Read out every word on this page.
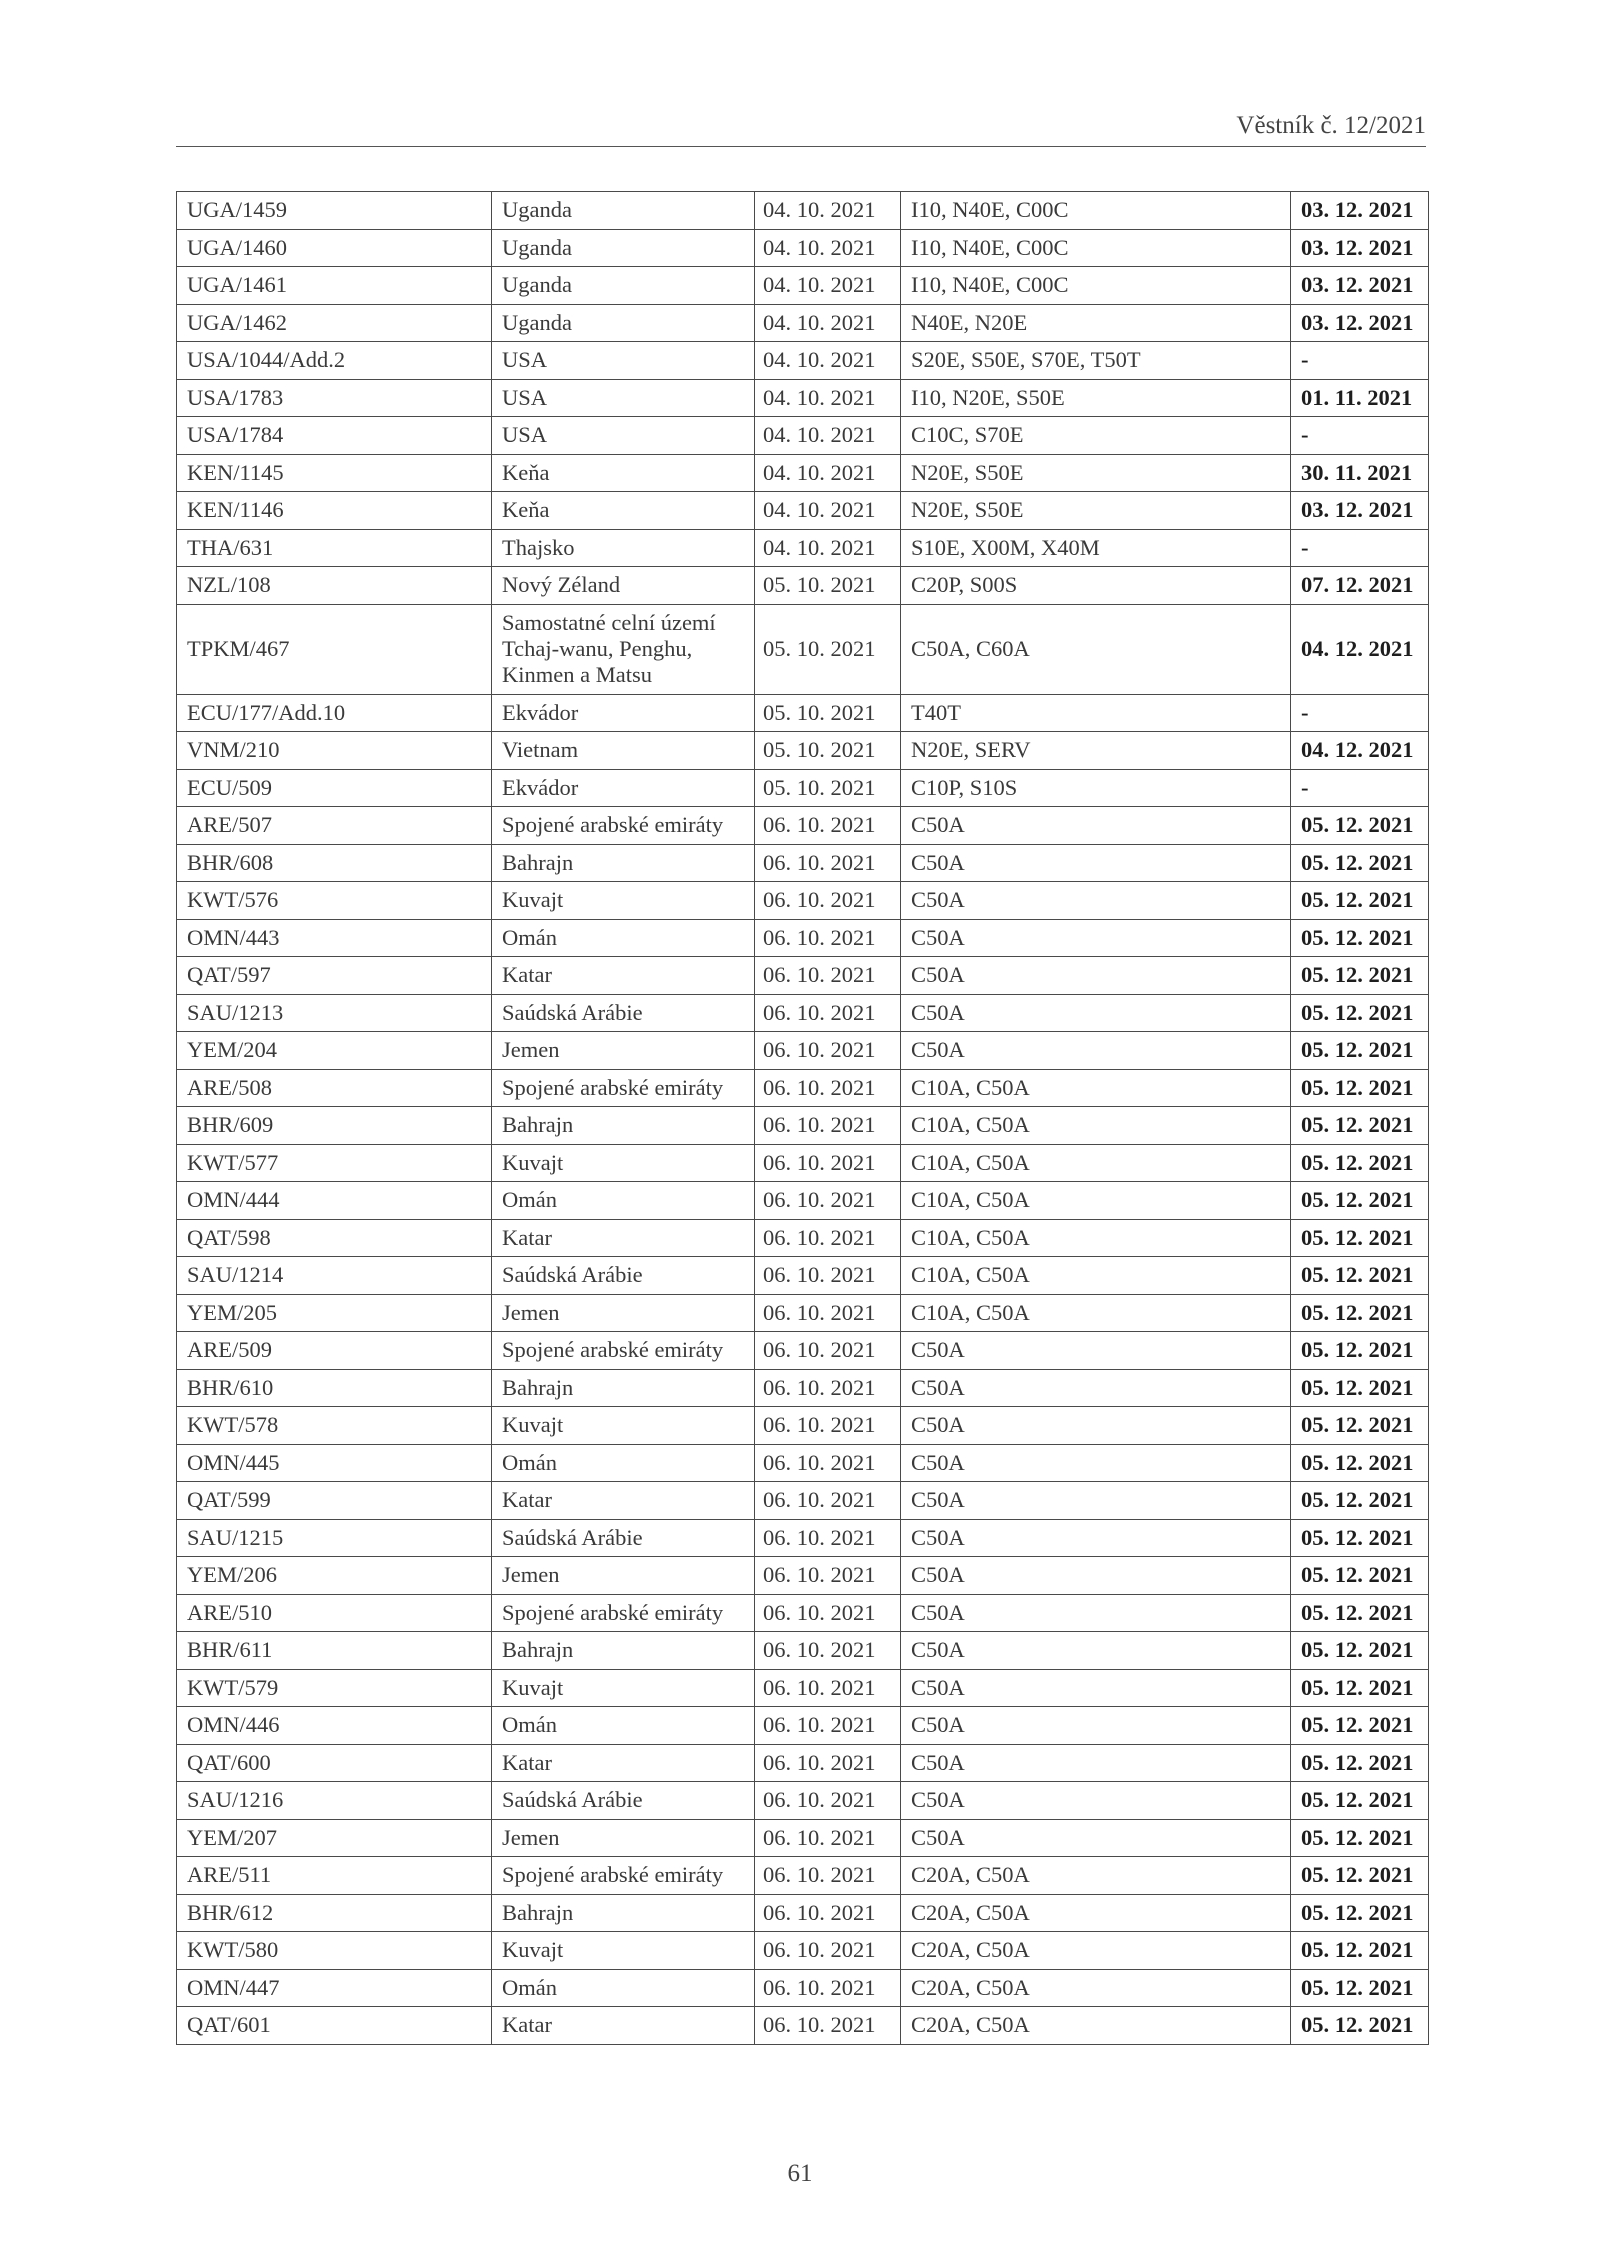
Věstník č. 12/2021
UGA/1459	Uganda	04. 10. 2021	I10, N40E, C00C	03. 12. 2021
UGA/1460	Uganda	04. 10. 2021	I10, N40E, C00C	03. 12. 2021
UGA/1461	Uganda	04. 10. 2021	I10, N40E, C00C	03. 12. 2021
UGA/1462	Uganda	04. 10. 2021	N40E, N20E	03. 12. 2021
USA/1044/Add.2	USA	04. 10. 2021	S20E, S50E, S70E, T50T	-
USA/1783	USA	04. 10. 2021	I10, N20E, S50E	01. 11. 2021
USA/1784	USA	04. 10. 2021	C10C, S70E	-
KEN/1145	Keňa	04. 10. 2021	N20E, S50E	30. 11. 2021
KEN/1146	Keňa	04. 10. 2021	N20E, S50E	03. 12. 2021
THA/631	Thajsko	04. 10. 2021	S10E, X00M, X40M	-
NZL/108	Nový Zéland	05. 10. 2021	C20P, S00S	07. 12. 2021
TPKM/467	Samostatné celní území Tchaj-wanu, Penghu, Kinmen a Matsu	05. 10. 2021	C50A, C60A	04. 12. 2021
ECU/177/Add.10	Ekvádor	05. 10. 2021	T40T	-
VNM/210	Vietnam	05. 10. 2021	N20E, SERV	04. 12. 2021
ECU/509	Ekvádor	05. 10. 2021	C10P, S10S	-
ARE/507	Spojené arabské emiráty	06. 10. 2021	C50A	05. 12. 2021
BHR/608	Bahrajn	06. 10. 2021	C50A	05. 12. 2021
KWT/576	Kuvajt	06. 10. 2021	C50A	05. 12. 2021
OMN/443	Omán	06. 10. 2021	C50A	05. 12. 2021
QAT/597	Katar	06. 10. 2021	C50A	05. 12. 2021
SAU/1213	Saúdská Arábie	06. 10. 2021	C50A	05. 12. 2021
YEM/204	Jemen	06. 10. 2021	C50A	05. 12. 2021
ARE/508	Spojené arabské emiráty	06. 10. 2021	C10A, C50A	05. 12. 2021
BHR/609	Bahrajn	06. 10. 2021	C10A, C50A	05. 12. 2021
KWT/577	Kuvajt	06. 10. 2021	C10A, C50A	05. 12. 2021
OMN/444	Omán	06. 10. 2021	C10A, C50A	05. 12. 2021
QAT/598	Katar	06. 10. 2021	C10A, C50A	05. 12. 2021
SAU/1214	Saúdská Arábie	06. 10. 2021	C10A, C50A	05. 12. 2021
YEM/205	Jemen	06. 10. 2021	C10A, C50A	05. 12. 2021
ARE/509	Spojené arabské emiráty	06. 10. 2021	C50A	05. 12. 2021
BHR/610	Bahrajn	06. 10. 2021	C50A	05. 12. 2021
KWT/578	Kuvajt	06. 10. 2021	C50A	05. 12. 2021
OMN/445	Omán	06. 10. 2021	C50A	05. 12. 2021
QAT/599	Katar	06. 10. 2021	C50A	05. 12. 2021
SAU/1215	Saúdská Arábie	06. 10. 2021	C50A	05. 12. 2021
YEM/206	Jemen	06. 10. 2021	C50A	05. 12. 2021
ARE/510	Spojené arabské emiráty	06. 10. 2021	C50A	05. 12. 2021
BHR/611	Bahrajn	06. 10. 2021	C50A	05. 12. 2021
KWT/579	Kuvajt	06. 10. 2021	C50A	05. 12. 2021
OMN/446	Omán	06. 10. 2021	C50A	05. 12. 2021
QAT/600	Katar	06. 10. 2021	C50A	05. 12. 2021
SAU/1216	Saúdská Arábie	06. 10. 2021	C50A	05. 12. 2021
YEM/207	Jemen	06. 10. 2021	C50A	05. 12. 2021
ARE/511	Spojené arabské emiráty	06. 10. 2021	C20A, C50A	05. 12. 2021
BHR/612	Bahrajn	06. 10. 2021	C20A, C50A	05. 12. 2021
KWT/580	Kuvajt	06. 10. 2021	C20A, C50A	05. 12. 2021
OMN/447	Omán	06. 10. 2021	C20A, C50A	05. 12. 2021
QAT/601	Katar	06. 10. 2021	C20A, C50A	05. 12. 2021
61
